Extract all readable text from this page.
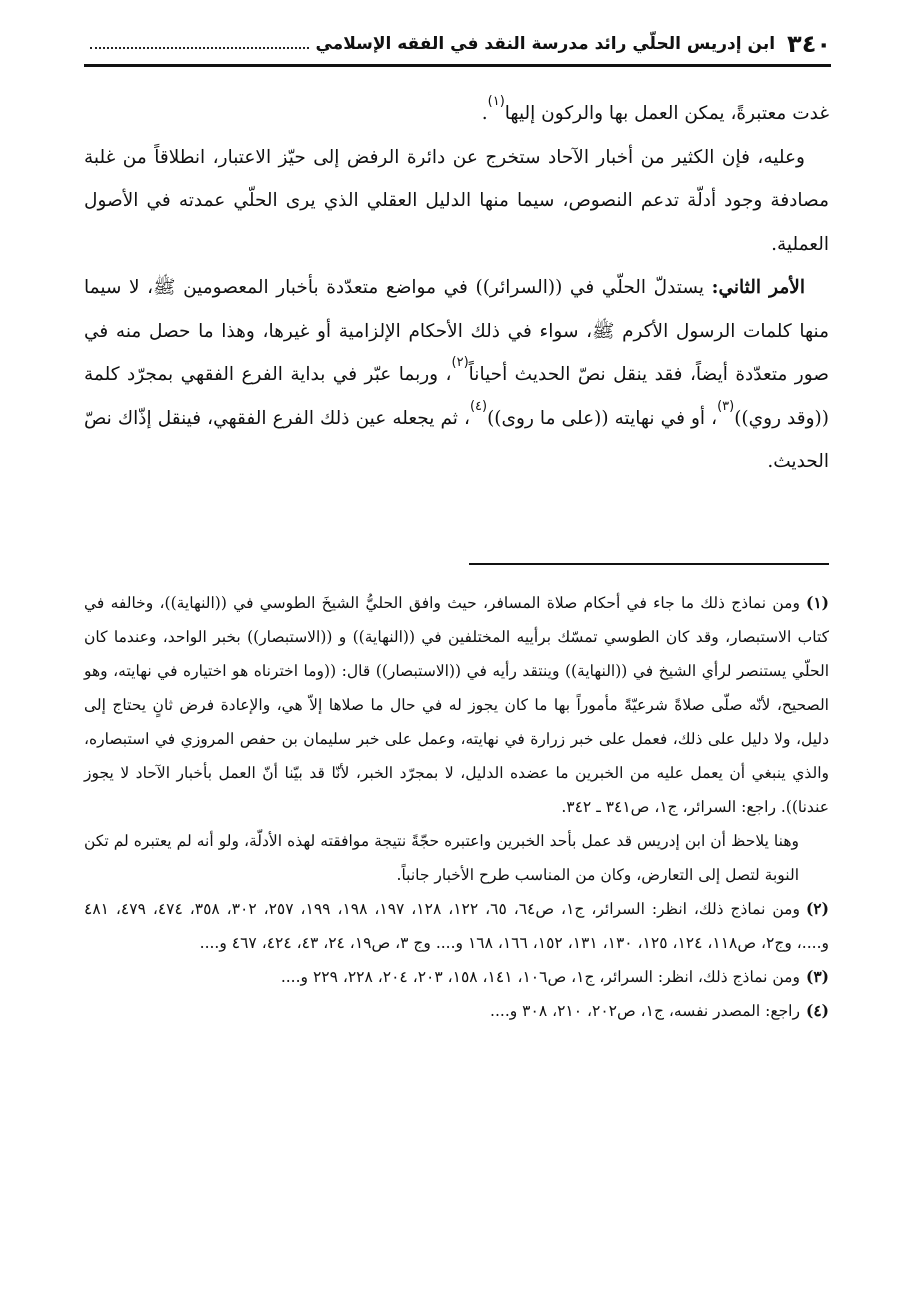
٣٤٠
ابن إدريس الحلّي رائد مدرسة النقد في الفقه الإسلامي

غدت معتبرةً، يمكن العمل بها والركون إليها$^{(١)}$.

وعليه، فإن الكثير من أخبار الآحاد ستخرج عن دائرة الرفض إلى حيّز الاعتبار، انطلاقاً من غلبة مصادفة وجود أدلّة تدعم النصوص، سيما منها الدليل العقلي الذي يرى الحلّي عمدته في الأصول العملية.

الأمر الثاني: يستدلّ الحلّي في ((السرائر)) في مواضع متعدّدة بأخبار المعصومين ﷺ، لا سيما منها كلمات الرسول الأكرم ﷺ، سواء في ذلك الأحكام الإلزامية أو غيرها، وهذا ما حصل منه في صور متعدّدة أيضاً، فقد ينقل نصّ الحديث أحياناً$^{(٢)}$، وربما عبّر في بداية الفرع الفقهي بمجرّد كلمة ((وقد روي))$^{(٣)}$، أو في نهايته ((على ما روى))$^{(٤)}$، ثم يجعله عين ذلك الفرع الفقهي، فينقل إذّاك نصّ الحديث.

(١)ومن نماذج ذلك ما جاء في أحكام صلاة المسافر، حيث وافق الحليُّ الشيخَ الطوسي في ((النهاية))، وخالفه في كتاب الاستبصار، وقد كان الطوسي تمسّك برأييه المختلفين في ((النهاية)) و ((الاستبصار)) بخبر الواحد، وعندما كان الحلّي يستنصر لرأي الشيخ في ((النهاية)) وينتقد رأيه في ((الاستبصار)) قال: ((وما اخترناه هو اختياره في نهايته، وهو الصحيح، لأنّه صلّى صلاةً شرعيّةً مأموراً بها ما كان يجوز له في حال ما صلاها إلاّ هي، والإعادة فرض ثانٍ يحتاج إلى دليل، ولا دليل على ذلك، فعمل على خبر زرارة في نهايته، وعمل على خبر سليمان بن حفص المروزي في استبصاره، والذي ينبغي أن يعمل عليه من الخبرين ما عضده الدليل، لا بمجرّد الخبر، لأنّا قد بيّنا أنّ العمل بأخبار الآحاد لا يجوز عندنا)). راجع: السرائر، ج١، ص٣٤١ ـ ٣٤٢.

وهنا يلاحظ أن ابن إدريس قد عمل بأحد الخبرين واعتبره حجّةً نتيجة موافقته لهذه الأدلّة، ولو أنه لم يعتبره لم تكن النوبة لتصل إلى التعارض، وكان من المناسب طرح الأخبار جانباً.

(٢)ومن نماذج ذلك، انظر: السرائر، ج١، ص٦٤، ٦٥، ١٢٢، ١٢٨، ١٩٧، ١٩٨، ١٩٩، ٢٥٧، ٣٠٢، ٣٥٨، ٤٧٤، ٤٧٩، ٤٨١ و....، وج٢، ص١١٨، ١٢٤، ١٢٥، ١٣٠، ١٣١، ١٥٢، ١٦٦، ١٦٨ و.... وج ٣، ص١٩، ٢٤، ٤٣، ٤٢٤، ٤٦٧ و....

(٣)ومن نماذج ذلك، انظر: السرائر، ج١، ص١٠٦، ١٤١، ١٥٨، ٢٠٣، ٢٠٤، ٢٢٨، ٢٢٩ و....

(٤)راجع: المصدر نفسه، ج١، ص٢٠٢، ٢١٠، ٣٠٨ و....
